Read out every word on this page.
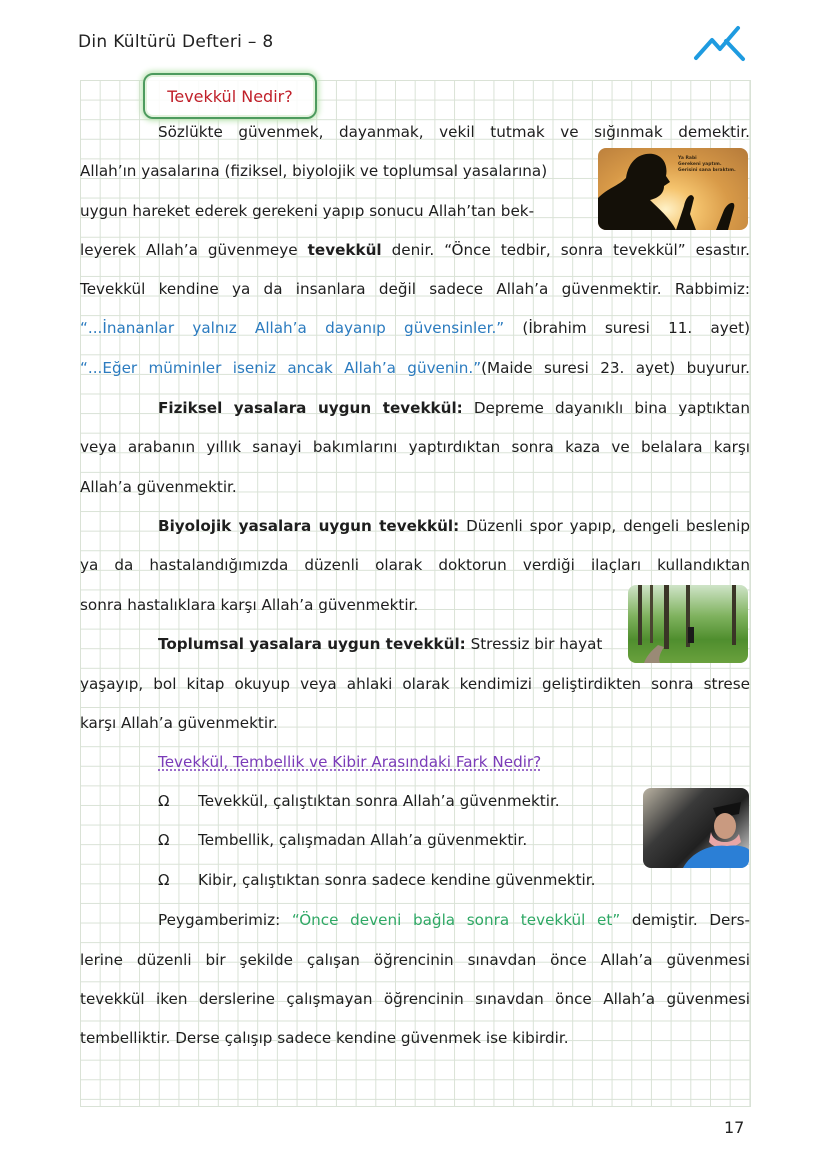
Din Kültürü Defteri – 8
Tevekkül Nedir?
Sözlükte güvenmek, dayanmak, vekil tutmak ve sığınmak demektir.
Allah’ın yasalarına (fiziksel, biyolojik ve toplumsal yasalarına)
uygun hareket ederek gerekeni yapıp sonucu Allah’tan bek-
leyerek Allah’a güvenmeye tevekkül denir. “Önce tedbir, sonra tevekkül” esastır.
Tevekkül kendine ya da insanlara değil sadece Allah’a güvenmektir. Rabbimiz:
“...İnananlar yalnız Allah’a dayanıp güvensinler.” (İbrahim suresi 11. ayet)
“...Eğer müminler iseniz ancak Allah’a güvenin.”(Maide suresi 23. ayet) buyurur.
Ya Rabi
Gerekeni yaptım.
Gerisini sana bıraktım.
Fiziksel yasalara uygun tevekkül: Depreme dayanıklı bina yaptıktan
veya arabanın yıllık sanayi bakımlarını yaptırdıktan sonra kaza ve belalara karşı
Allah’a güvenmektir.
Biyolojik yasalara uygun tevekkül: Düzenli spor yapıp, dengeli beslenip
ya da hastalandığımızda düzenli olarak doktorun verdiği ilaçları kullandıktan
sonra hastalıklara karşı Allah’a güvenmektir.
Toplumsal yasalara uygun tevekkül: Stressiz bir hayat
yaşayıp, bol kitap okuyup veya ahlaki olarak kendimizi geliştirdikten sonra strese
karşı Allah’a güvenmektir.
Tevekkül, Tembellik ve Kibir Arasındaki Fark Nedir?
Ω Tevekkül, çalıştıktan sonra Allah’a güvenmektir.
Ω Tembellik, çalışmadan Allah’a güvenmektir.
Ω Kibir, çalıştıktan sonra sadece kendine güvenmektir.
Peygamberimiz: “Önce deveni bağla sonra tevekkül et” demiştir. Ders-
lerine düzenli bir şekilde çalışan öğrencinin sınavdan önce Allah’a güvenmesi
tevekkül iken derslerine çalışmayan öğrencinin sınavdan önce Allah’a güvenmesi
tembelliktir. Derse çalışıp sadece kendine güvenmek ise kibirdir.
17
